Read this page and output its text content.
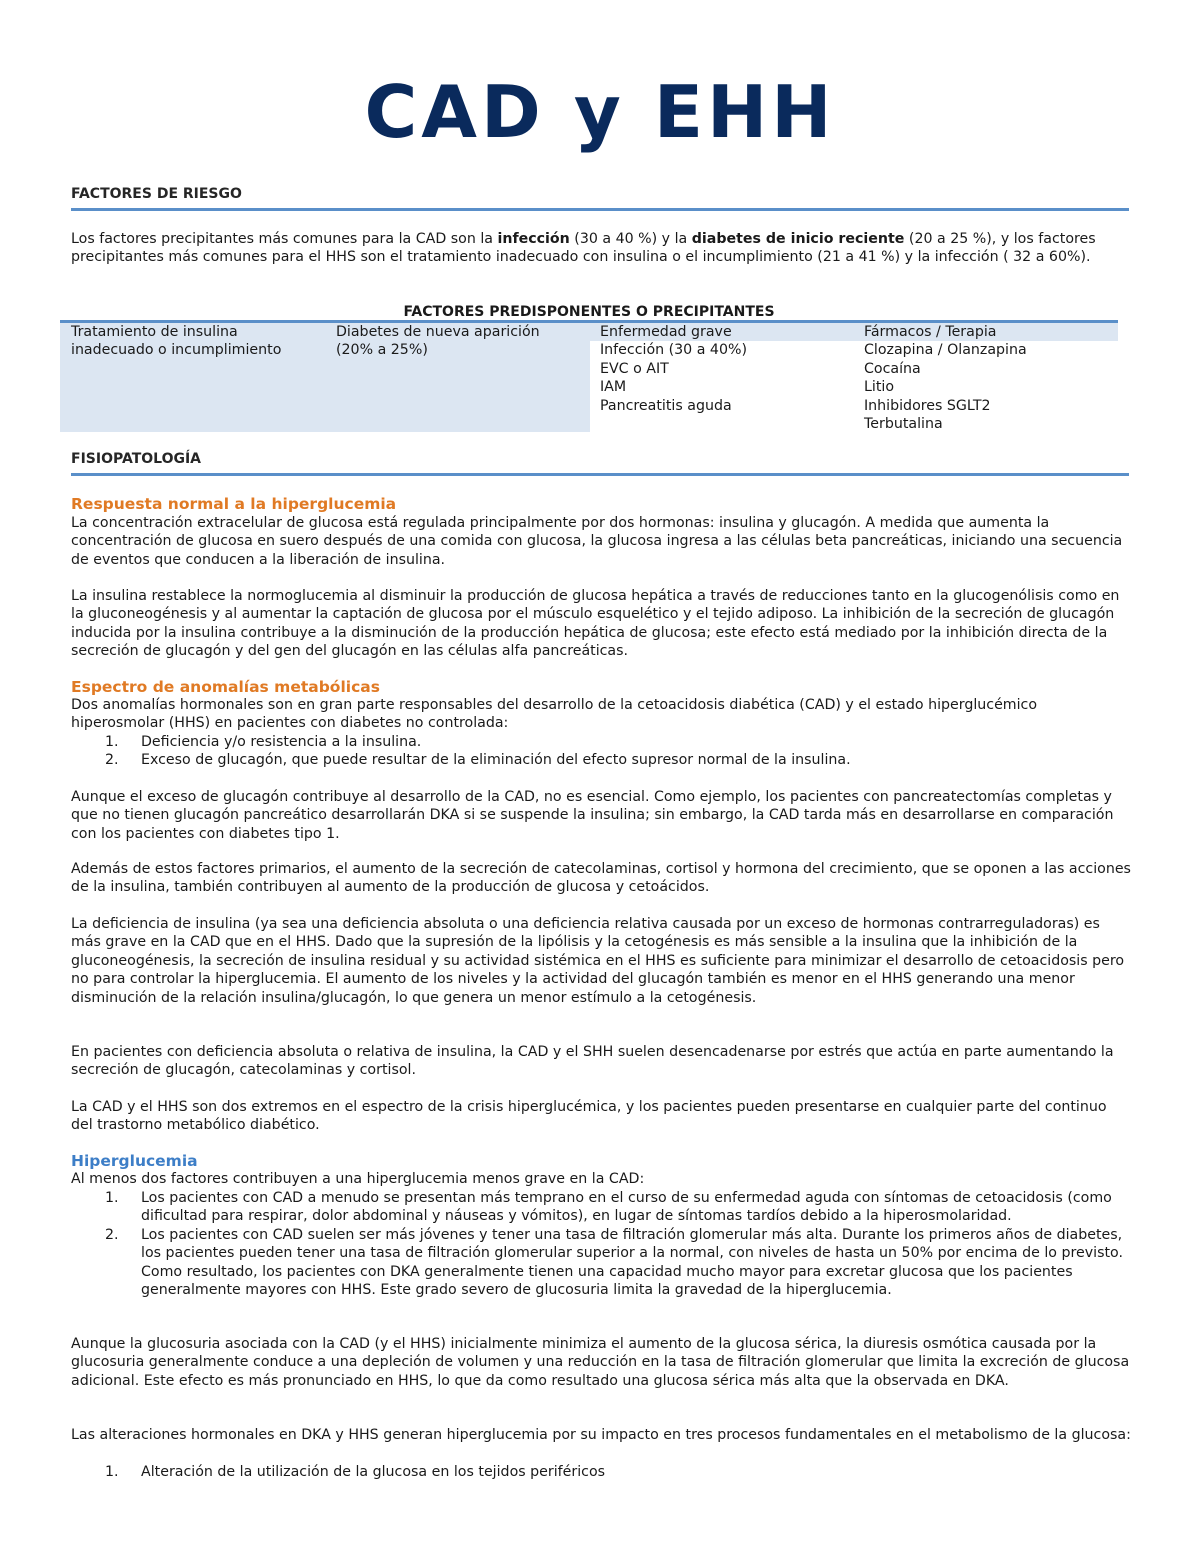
CAD y EHH
FACTORES DE RIESGO

Los factores precipitantes más comunes para la CAD son la infección (30 a 40 %) y la diabetes de inicio reciente (20 a 25 %), y los factores precipitantes más comunes para el HHS son el tratamiento inadecuado con insulina o el incumplimiento (21 a 41 %) y la infección ( 32 a 60%).

FACTORES PREDISPONENTES O PRECIPITANTES
Tratamiento de insulina
inadecuado o incumplimiento
Diabetes de nueva aparición
(20% a 25%)
Enfermedad grave
Infección (30 a 40%)
EVC o AIT
IAM
Pancreatitis aguda
Fármacos / Terapia
Clozapina / Olanzapina
Cocaína
Litio
Inhibidores SGLT2
Terbutalina
FISIOPATOLOGÍA
Respuesta normal a la hiperglucemia

La concentración extracelular de glucosa está regulada principalmente por dos hormonas: insulina y glucagón. A medida que aumenta la concentración de glucosa en suero después de una comida con glucosa, la glucosa ingresa a las células beta pancreáticas, iniciando una secuencia de eventos que conducen a la liberación de insulina.

La insulina restablece la normoglucemia al disminuir la producción de glucosa hepática a través de reducciones tanto en la glucogenólisis como en la gluconeogénesis y al aumentar la captación de glucosa por el músculo esquelético y el tejido adiposo. La inhibición de la secreción de glucagón inducida por la insulina contribuye a la disminución de la producción hepática de glucosa; este efecto está mediado por la inhibición directa de la secreción de glucagón y del gen del glucagón en las células alfa pancreáticas.

Espectro de anomalías metabólicas

Dos anomalías hormonales son en gran parte responsables del desarrollo de la cetoacidosis diabética (CAD) y el estado hiperglucémico hiperosmolar (HHS) en pacientes con diabetes no controlada:

1. Deficiencia y/o resistencia a la insulina.
2. Exceso de glucagón, que puede resultar de la eliminación del efecto supresor normal de la insulina.

Aunque el exceso de glucagón contribuye al desarrollo de la CAD, no es esencial. Como ejemplo, los pacientes con pancreatectomías completas y que no tienen glucagón pancreático desarrollarán DKA si se suspende la insulina; sin embargo, la CAD tarda más en desarrollarse en comparación con los pacientes con diabetes tipo 1.

Además de estos factores primarios, el aumento de la secreción de catecolaminas, cortisol y hormona del crecimiento, que se oponen a las acciones de la insulina, también contribuyen al aumento de la producción de glucosa y cetoácidos.

La deficiencia de insulina (ya sea una deficiencia absoluta o una deficiencia relativa causada por un exceso de hormonas contrarreguladoras) es más grave en la CAD que en el HHS. Dado que la supresión de la lipólisis y la cetogénesis es más sensible a la insulina que la inhibición de la gluconeogénesis, la secreción de insulina residual y su actividad sistémica en el HHS es suficiente para minimizar el desarrollo de cetoacidosis pero no para controlar la hiperglucemia. El aumento de los niveles y la actividad del glucagón también es menor en el HHS generando una menor disminución de la relación insulina/glucagón, lo que genera un menor estímulo a la cetogénesis.

En pacientes con deficiencia absoluta o relativa de insulina, la CAD y el SHH suelen desencadenarse por estrés que actúa en parte aumentando la secreción de glucagón, catecolaminas y cortisol.

La CAD y el HHS son dos extremos en el espectro de la crisis hiperglucémica, y los pacientes pueden presentarse en cualquier parte del continuo del trastorno metabólico diabético.

Hiperglucemia

Al menos dos factores contribuyen a una hiperglucemia menos grave en la CAD:

1. Los pacientes con CAD a menudo se presentan más temprano en el curso de su enfermedad aguda con síntomas de cetoacidosis (como dificultad para respirar, dolor abdominal y náuseas y vómitos), en lugar de síntomas tardíos debido a la hiperosmolaridad.
2. Los pacientes con CAD suelen ser más jóvenes y tener una tasa de filtración glomerular más alta. Durante los primeros años de diabetes, los pacientes pueden tener una tasa de filtración glomerular superior a la normal, con niveles de hasta un 50% por encima de lo previsto. Como resultado, los pacientes con DKA generalmente tienen una capacidad mucho mayor para excretar glucosa que los pacientes generalmente mayores con HHS. Este grado severo de glucosuria limita la gravedad de la hiperglucemia.

Aunque la glucosuria asociada con la CAD (y el HHS) inicialmente minimiza el aumento de la glucosa sérica, la diuresis osmótica causada por la glucosuria generalmente conduce a una depleción de volumen y una reducción en la tasa de filtración glomerular que limita la excreción de glucosa adicional. Este efecto es más pronunciado en HHS, lo que da como resultado una glucosa sérica más alta que la observada en DKA.

Las alteraciones hormonales en DKA y HHS generan hiperglucemia por su impacto en tres procesos fundamentales en el metabolismo de la glucosa:

1. Alteración de la utilización de la glucosa en los tejidos periféricos
